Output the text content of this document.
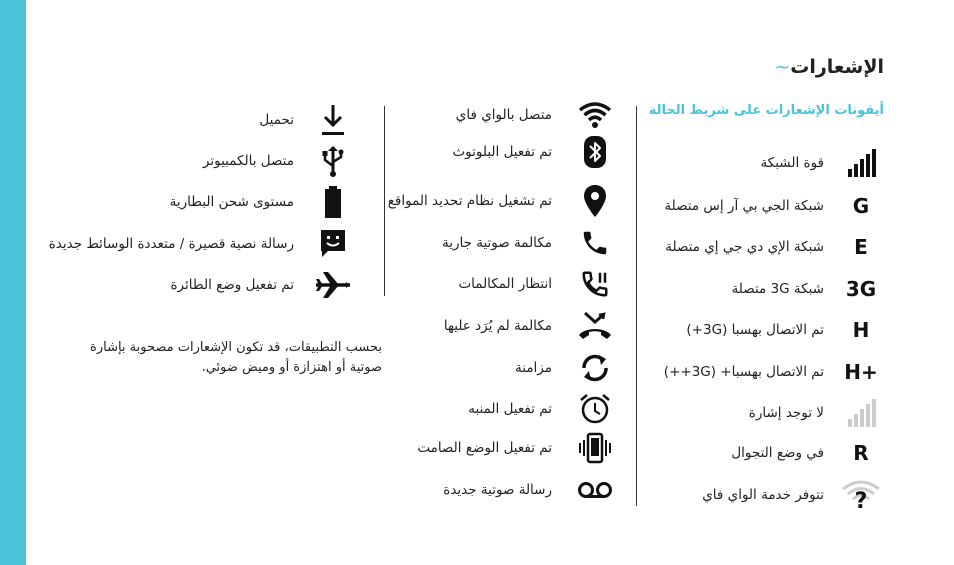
الإشعارات~
أيقونات الإشعارات على شريط الحالة
قوة الشبكة
G
شبكة الجي بي آر إس متصلة
E
شبكة الإي دي جي إي متصلة
3G
شبكة 3G متصلة
H
تم الاتصال بهسبا (3G+)
H+
تم الاتصال بهسبا+ (3G++)
لا توجد إشارة
R
في وضع التجوال
?
تتوفر خدمة الواي فاي
متصل بالواي فاي
تم تفعيل البلوتوث
تم تشغيل نظام تحديد المواقع
مكالمة صوتية جارية
انتظار المكالمات
مكالمة لم يُرَد عليها
مزامنة
تم تفعيل المنبه
تم تفعيل الوضع الصامت
رسالة صوتية جديدة
تحميل
متصل بالكمبيوتر
مستوى شحن البطارية
رسالة نصية قصيرة / متعددة الوسائط جديدة
تم تفعيل وضع الطائرة
بحسب التطبيقات، قد تكون الإشعارات مصحوبة بإشارة صوتية أو اهتزازة أو وميض ضوئي.
